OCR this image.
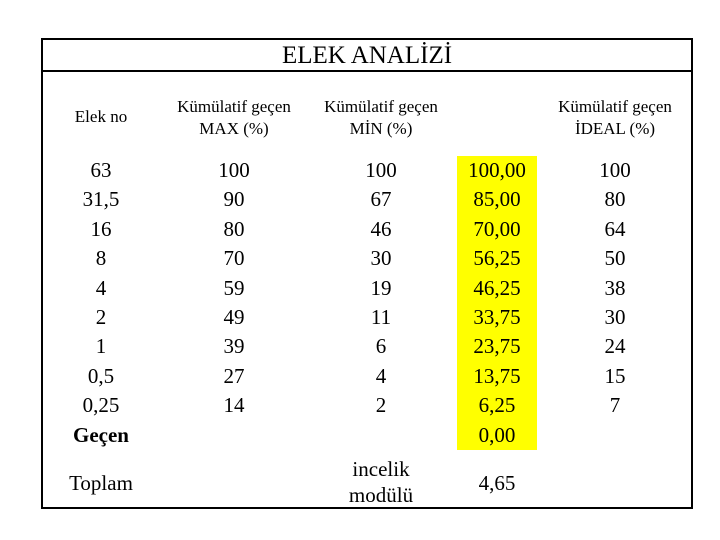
ELEK ANALİZİ
Elek no
Kümülatif geçen
MAX (%)
Kümülatif geçen
MİN (%)
Kümülatif geçen
İDEAL (%)
63
31,5
16
8
4
2
1
0,5
0,25
Geçen
100
90
80
70
59
49
39
27
14
100
67
46
30
19
11
6
4
2
100,00
85,00
70,00
56,25
46,25
33,75
23,75
13,75
6,25
0,00
100
80
64
50
38
30
24
15
7
Toplam
incelik
modülü	4,65
